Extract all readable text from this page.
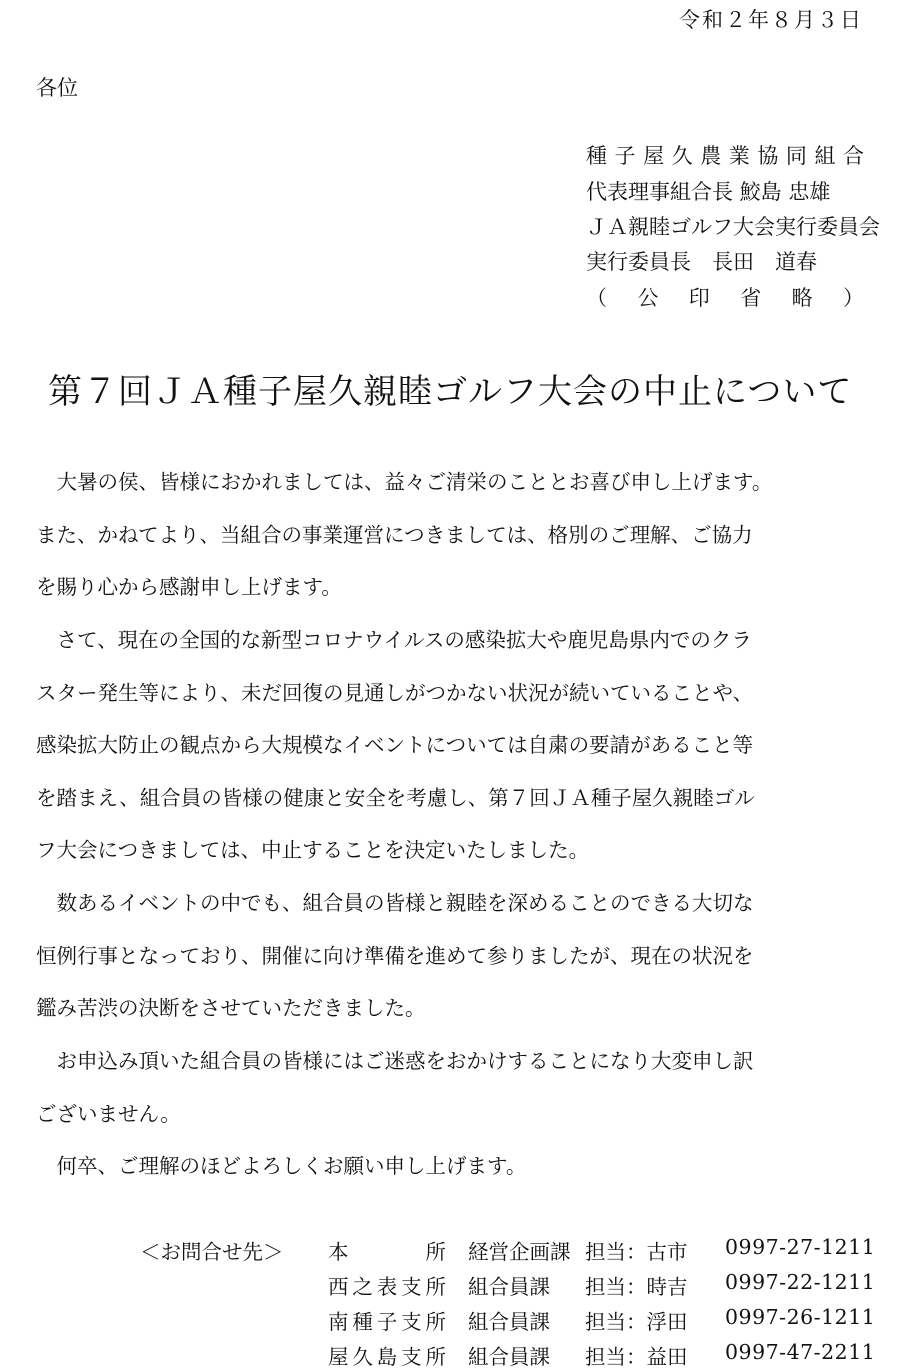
令和２年８月３日
各位
種子屋久農業協同組合
代表理事組合長 鮫島 忠雄
ＪＡ親睦ゴルフ大会実行委員会
実行委員長　長田　道春
（　公　印　省　略　）
第７回ＪＡ種子屋久親睦ゴルフ大会の中止について
　大暑の侯、皆様におかれましては、益々ご清栄のこととお喜び申し上げます。
また、かねてより、当組合の事業運営につきましては、格別のご理解、ご協力
を賜り心から感謝申し上げます。
　さて、現在の全国的な新型コロナウイルスの感染拡大や鹿児島県内でのクラ
スター発生等により、未だ回復の見通しがつかない状況が続いていることや、
感染拡大防止の観点から大規模なイベントについては自粛の要請があること等
を踏まえ、組合員の皆様の健康と安全を考慮し、第７回ＪＡ種子屋久親睦ゴル
フ大会につきましては、中止することを決定いたしました。
　数あるイベントの中でも、組合員の皆様と親睦を深めることのできる大切な
恒例行事となっており、開催に向け準備を進めて参りましたが、現在の状況を
鑑み苦渋の決断をさせていただきました。
　お申込み頂いた組合員の皆様にはご迷惑をおかけすることになり大変申し訳
ございません。
　何卒、ご理解のほどよろしくお願い申し上げます。
＜お問合せ先＞ 本所 経営企画課 担当：古市 0997-27-1211
西之表支所 組合員課 担当：時吉 0997-22-1211
南種子支所 組合員課 担当：浮田 0997-26-1211
屋久島支所 組合員課 担当：益田 0997-47-2211
